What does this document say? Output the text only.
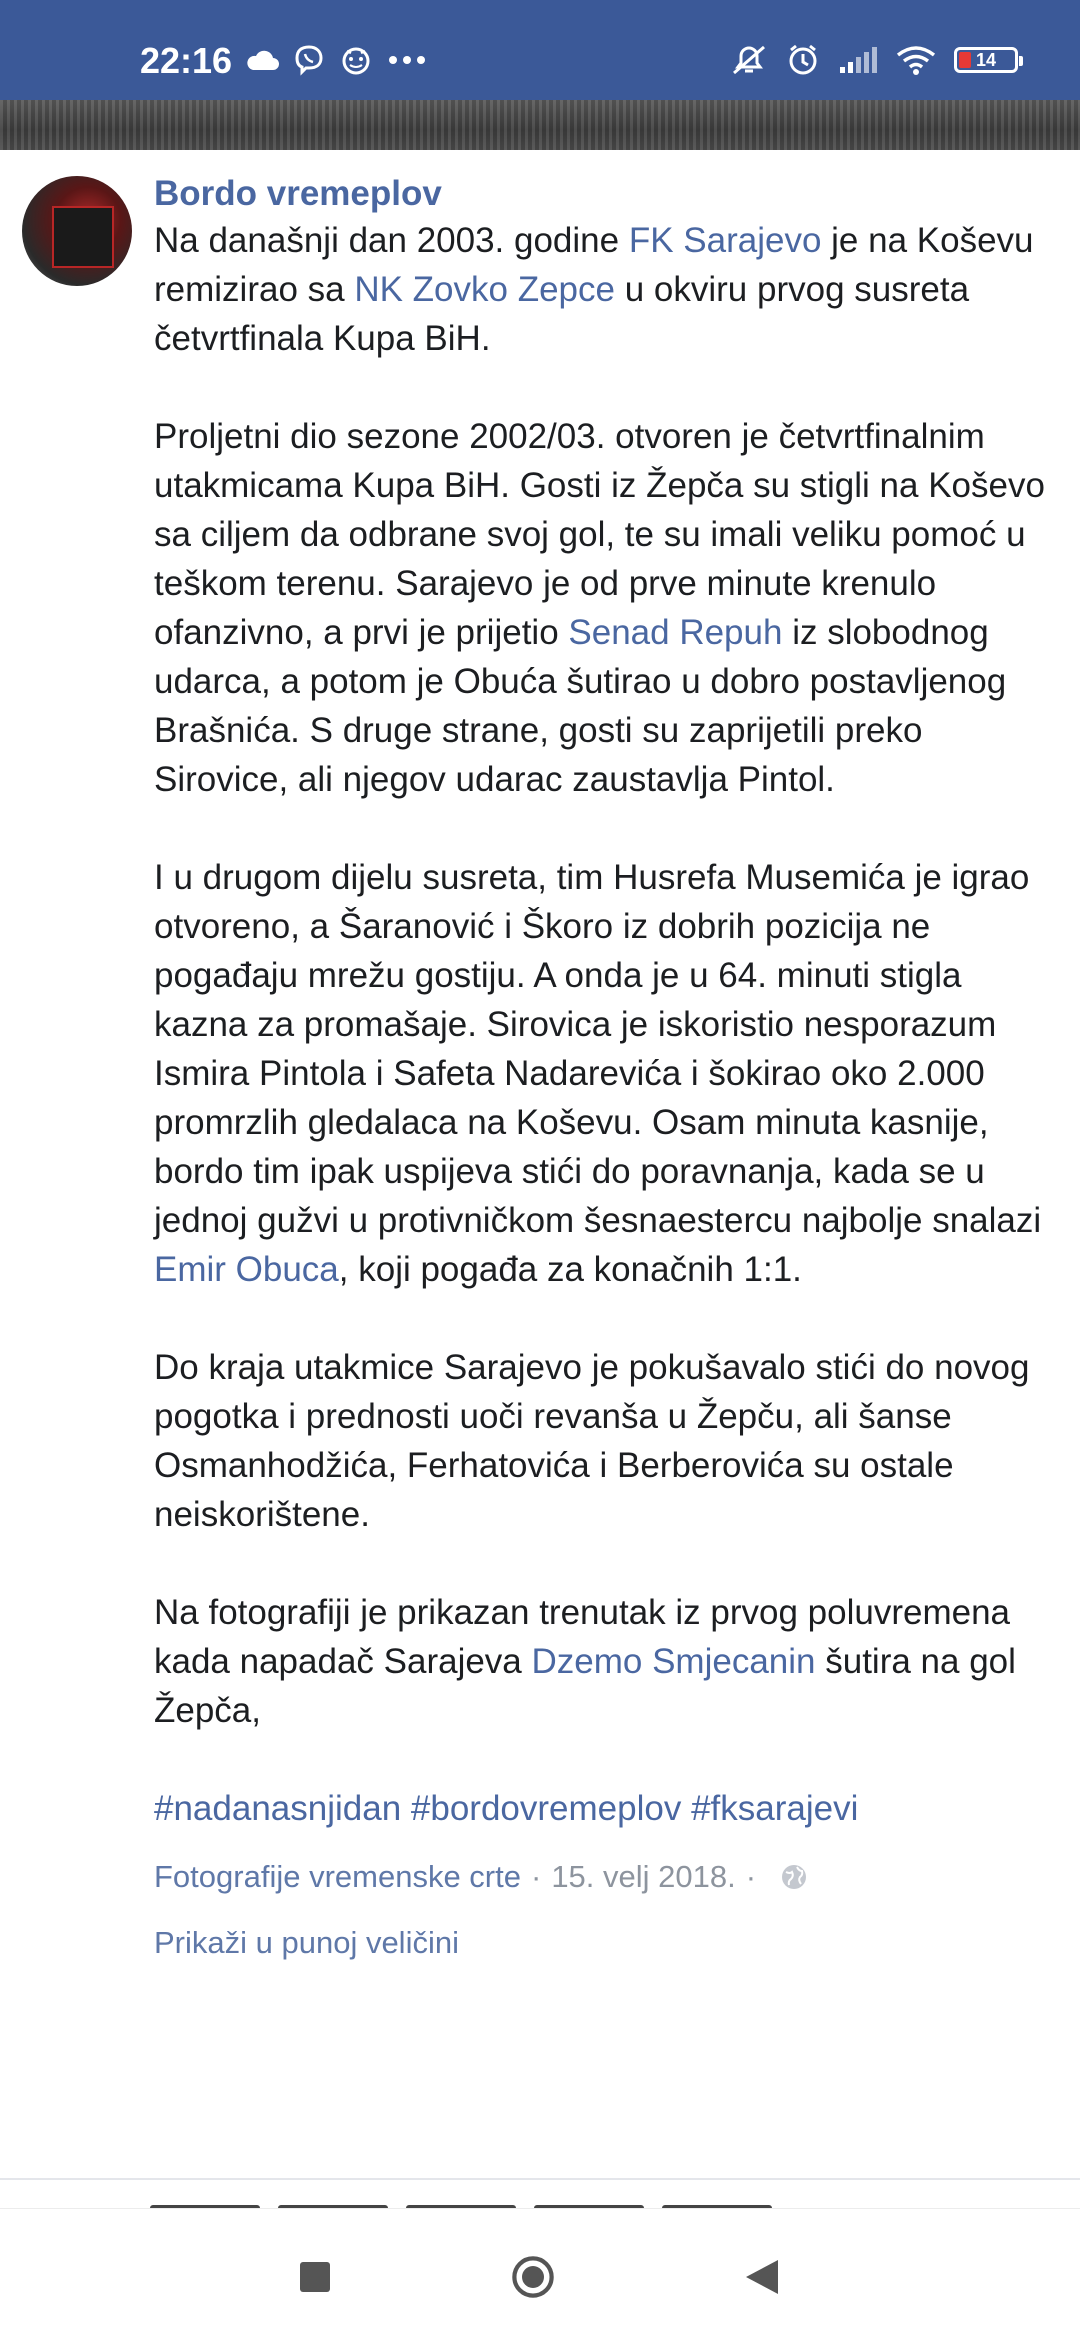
22:16	14
Bordo vremeplov

Na današnji dan 2003. godine FK Sarajevo je na Koševu remizirao sa NK Zovko Zepce u okviru prvog susreta četvrtfinala Kupa BiH.

Proljetni dio sezone 2002/03. otvoren je četvrtfinalnim utakmicama Kupa BiH. Gosti iz Žepča su stigli na Koševo sa ciljem da odbrane svoj gol, te su imali veliku pomoć u teškom terenu. Sarajevo je od prve minute krenulo ofanzivno, a prvi je prijetio Senad Repuh iz slobodnog udarca, a potom je Obuća šutirao u dobro postavljenog Brašnića. S druge strane, gosti su zaprijetili preko Sirovice, ali njegov udarac zaustavlja Pintol.

I u drugom dijelu susreta, tim Husrefa Musemića je igrao otvoreno, a Šaranović i Škoro iz dobrih pozicija ne pogađaju mrežu gostiju. A onda je u 64. minuti stigla kazna za promašaje. Sirovica je iskoristio nesporazum Ismira Pintola i Safeta Nadarevića i šokirao oko 2.000 promrzlih gledalaca na Koševu. Osam minuta kasnije, bordo tim ipak uspijeva stići do poravnanja, kada se u jednoj gužvi u protivničkom šesnaestercu najbolje snalazi Emir Obuca, koji pogađa za konačnih 1:1.

Do kraja utakmice Sarajevo je pokušavalo stići do novog pogotka i prednosti uoči revanša u Žepču, ali šanse Osmanhodžića, Ferhatovića i Berberovića su ostale neiskorištene.

Na fotografiji je prikazan trenutak iz prvog poluvremena kada napadač Sarajeva Dzemo Smjecanin šutira na gol Žepča,

#nadanasnjidan #bordovremeplov #fksarajevi
Fotografije vremenske crte · 15. velj 2018. ·
Prikaži u punoj veličini
